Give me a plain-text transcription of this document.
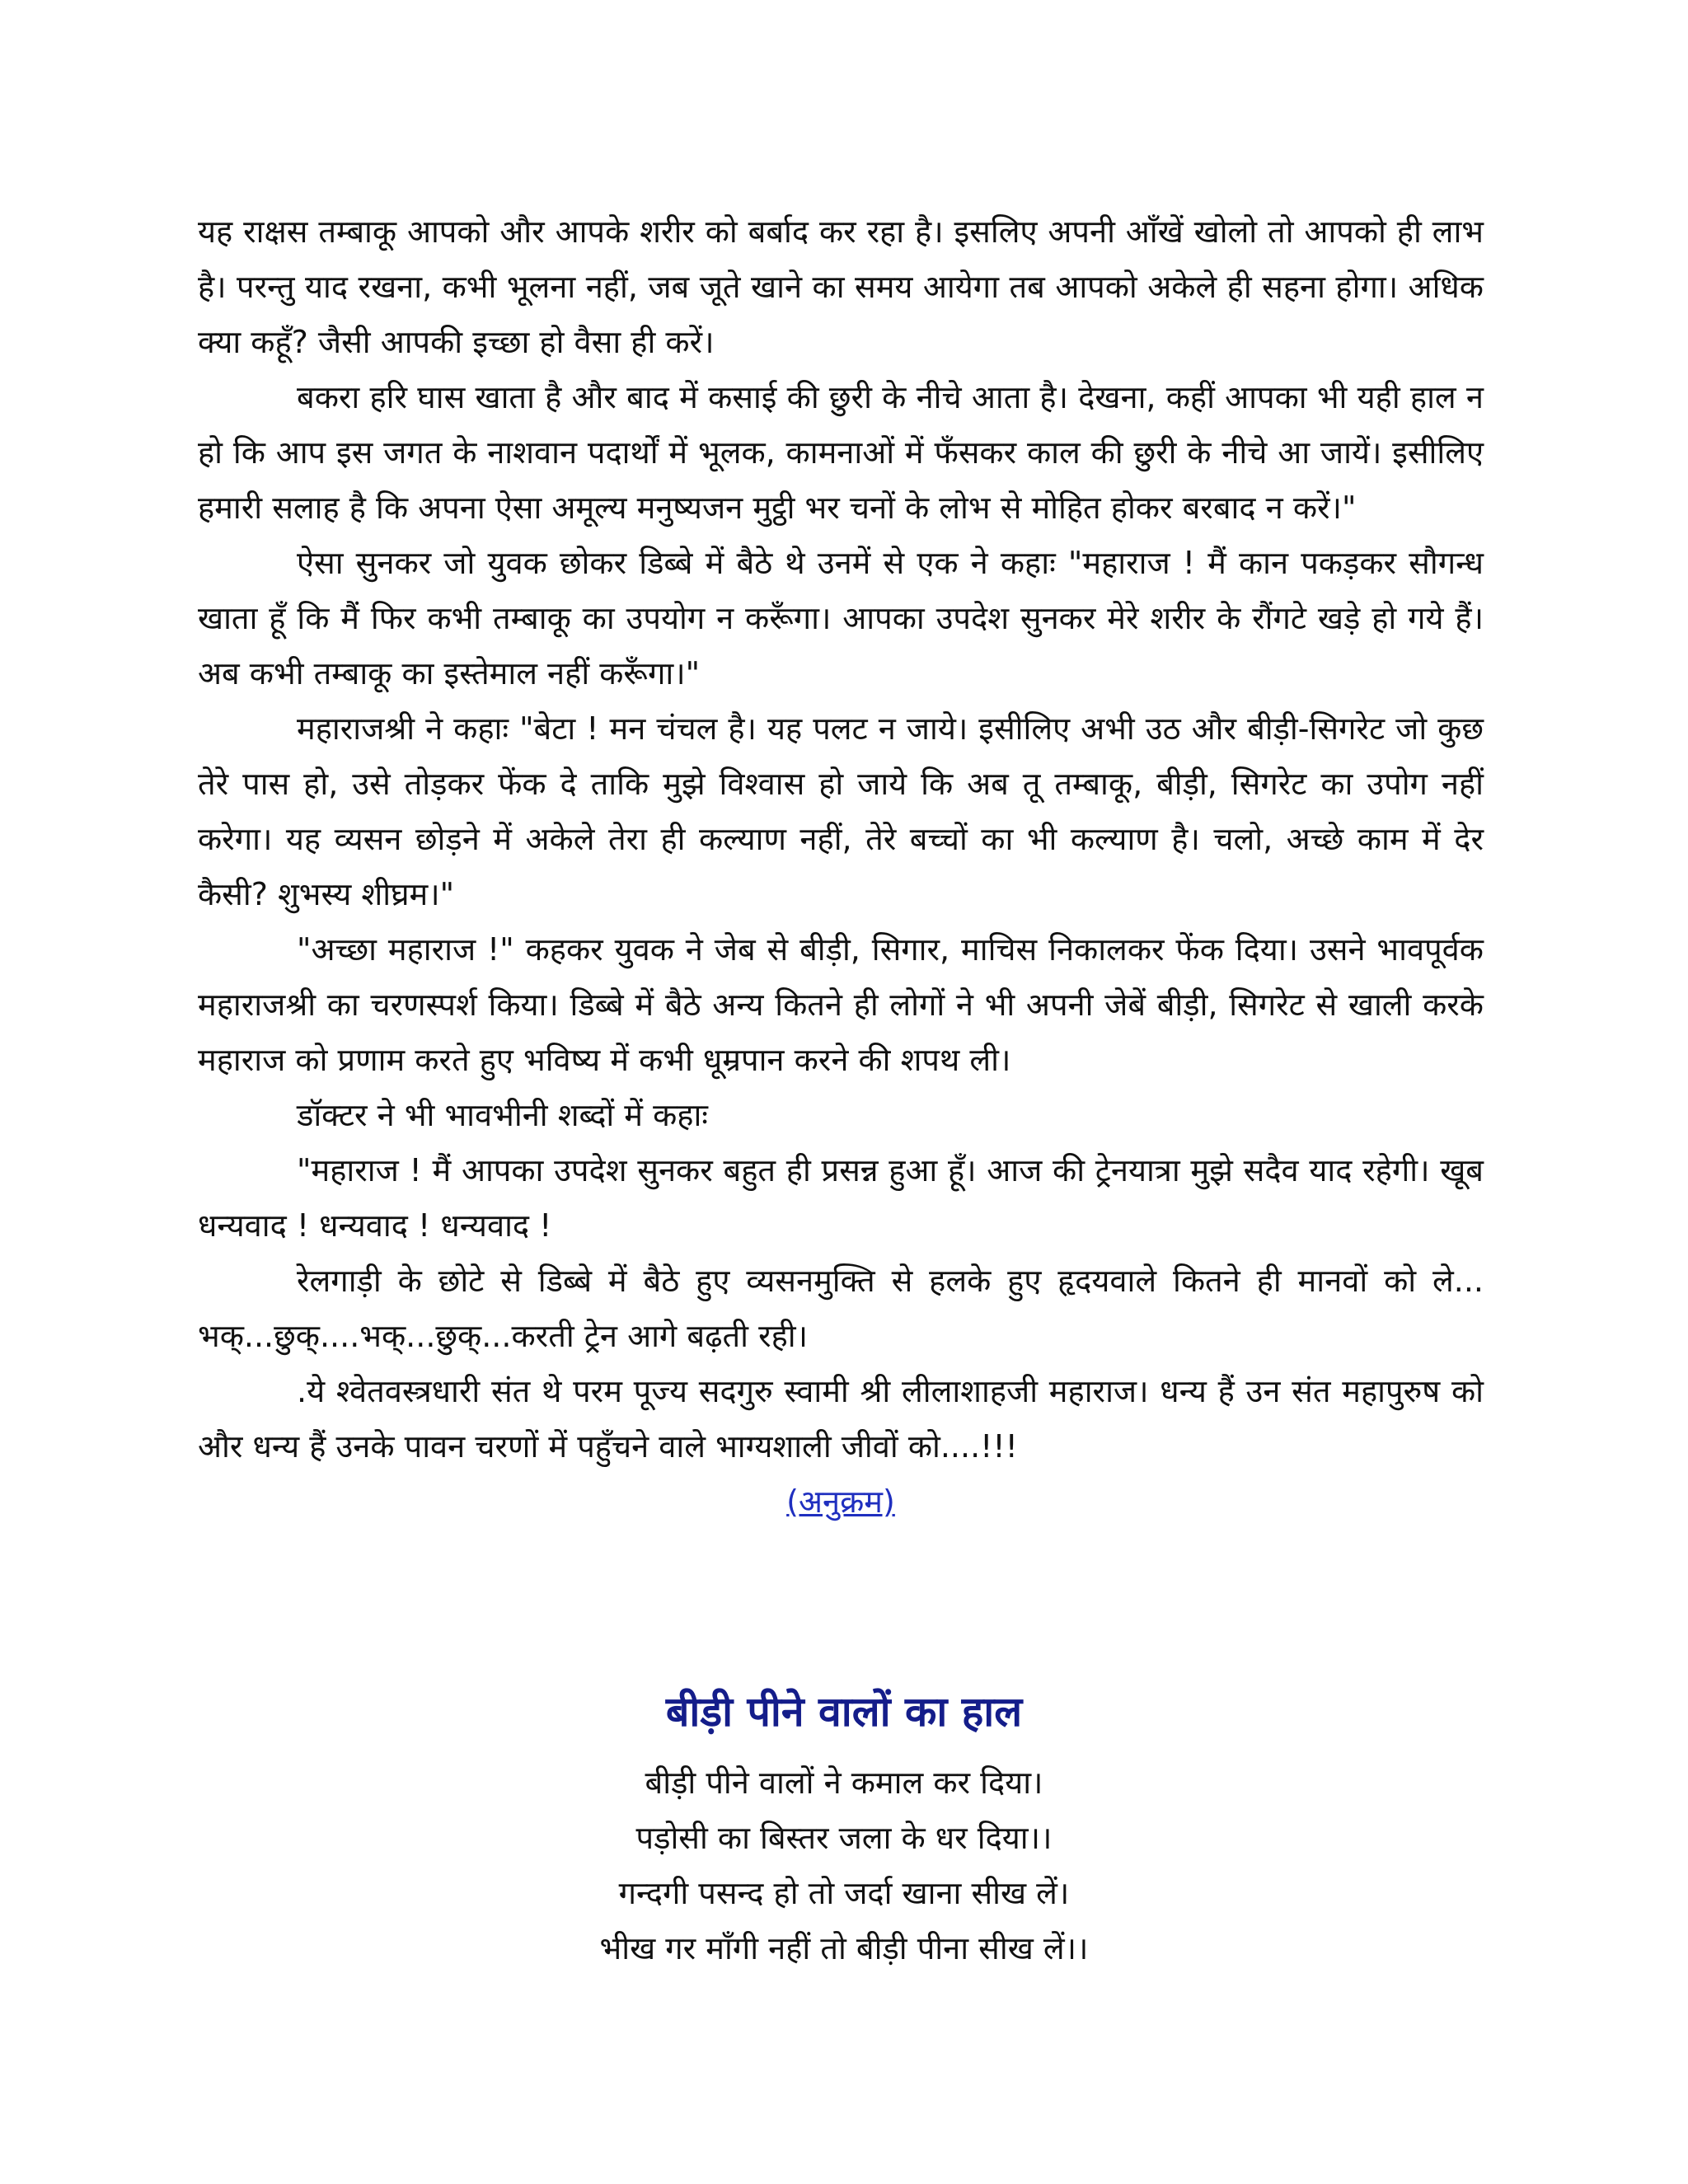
यह राक्षस तम्बाकू आपको और आपके शरीर को बर्बाद कर रहा है। इसलिए अपनी आँखें खोलो तो आपको ही लाभ है। परन्तु याद रखना, कभी भूलना नहीं, जब जूते खाने का समय आयेगा तब आपको अकेले ही सहना होगा। अधिक क्या कहूँ? जैसी आपकी इच्छा हो वैसा ही करें।

बकरा हरि घास खाता है और बाद में कसाई की छुरी के नीचे आता है। देखना, कहीं आपका भी यही हाल न हो कि आप इस जगत के नाशवान पदार्थों में भूलक, कामनाओं में फँसकर काल की छुरी के नीचे आ जायें। इसीलिए हमारी सलाह है कि अपना ऐसा अमूल्य मनुष्यजन मुट्ठी भर चनों के लोभ से मोहित होकर बरबाद न करें।"

ऐसा सुनकर जो युवक छोकर डिब्बे में बैठे थे उनमें से एक ने कहाः "महाराज ! मैं कान पकड़कर सौगन्ध खाता हूँ कि मैं फिर कभी तम्बाकू का उपयोग न करूँगा। आपका उपदेश सुनकर मेरे शरीर के रौंगटे खड़े हो गये हैं। अब कभी तम्बाकू का इस्तेमाल नहीं करूँगा।"

महाराजश्री ने कहाः "बेटा ! मन चंचल है। यह पलट न जाये। इसीलिए अभी उठ और बीड़ी-सिगरेट जो कुछ तेरे पास हो, उसे तोड़कर फेंक दे ताकि मुझे विश्वास हो जाये कि अब तू तम्बाकू, बीड़ी, सिगरेट का उपोग नहीं करेगा। यह व्यसन छोड़ने में अकेले तेरा ही कल्याण नहीं, तेरे बच्चों का भी कल्याण है। चलो, अच्छे काम में देर कैसी? शुभस्य शीघ्रम।"

"अच्छा महाराज !" कहकर युवक ने जेब से बीड़ी, सिगार, माचिस निकालकर फेंक दिया। उसने भावपूर्वक महाराजश्री का चरणस्पर्श किया। डिब्बे में बैठे अन्य कितने ही लोगों ने भी अपनी जेबें बीड़ी, सिगरेट से खाली करके महाराज को प्रणाम करते हुए भविष्य में कभी धूम्रपान करने की शपथ ली।

डॉक्टर ने भी भावभीनी शब्दों में कहाः

"महाराज ! मैं आपका उपदेश सुनकर बहुत ही प्रसन्न हुआ हूँ। आज की ट्रेनयात्रा मुझे सदैव याद रहेगी। खूब धन्यवाद ! धन्यवाद ! धन्यवाद !

रेलगाड़ी के छोटे से डिब्बे में बैठे हुए व्यसनमुक्ति से हलके हुए हृदयवाले कितने ही मानवों को ले... भक्...छुक्....भक्...छुक्...करती ट्रेन आगे बढ़ती रही।

.ये श्वेतवस्त्रधारी संत थे परम पूज्य सदगुरु स्वामी श्री लीलाशाहजी महाराज। धन्य हैं उन संत महापुरुष को और धन्य हैं उनके पावन चरणों में पहुँचने वाले भाग्यशाली जीवों को....!!!

(अनुक्रम)

बीड़ी पीने वालों का हाल

बीड़ी पीने वालों ने कमाल कर दिया।

पड़ोसी का बिस्तर जला के धर दिया।।

गन्दगी पसन्द हो तो जर्दा खाना सीख लें।

भीख गर माँगी नहीं तो बीड़ी पीना सीख लें।।
